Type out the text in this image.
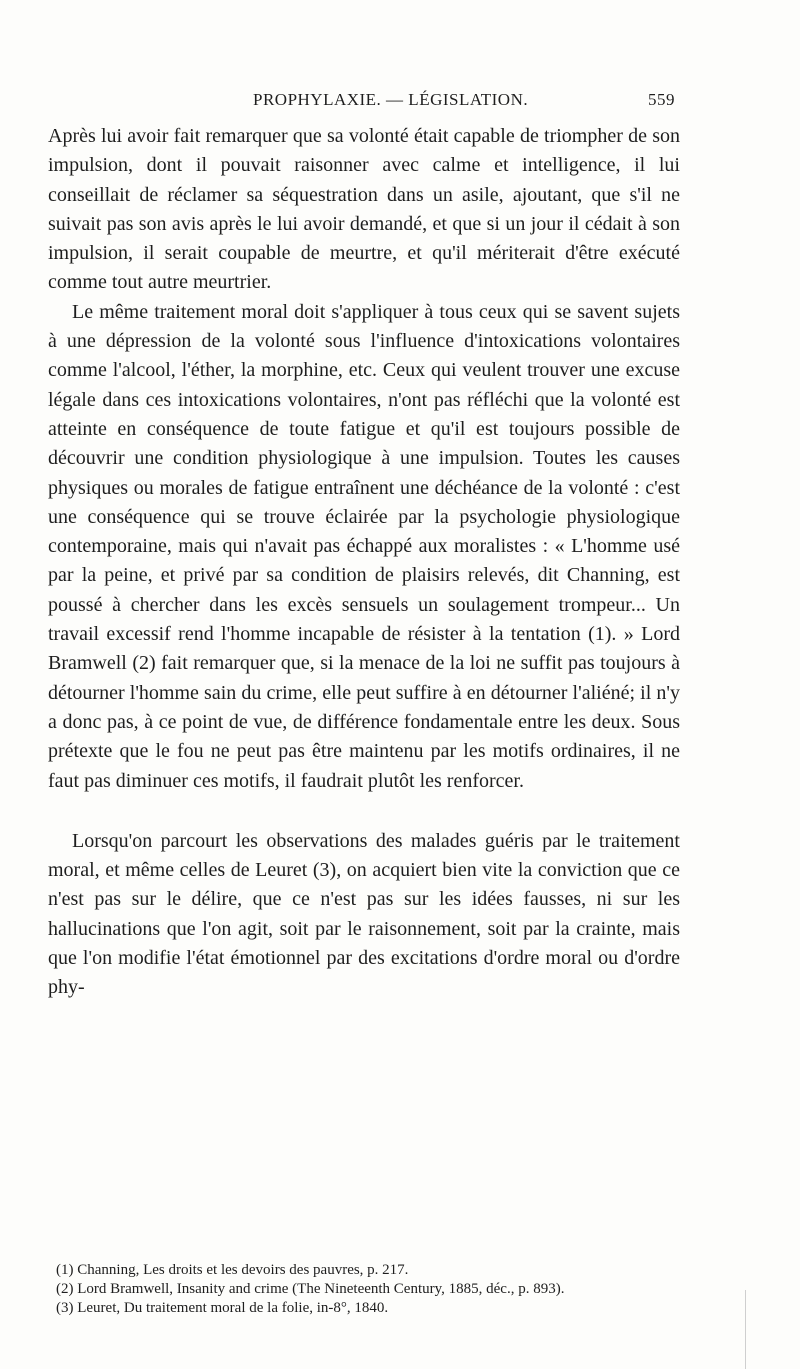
PROPHYLAXIE. — LÉGISLATION.	559

Après lui avoir fait remarquer que sa volonté était capable de triompher de son impulsion, dont il pouvait raisonner avec calme et intelligence, il lui conseillait de réclamer sa séquestration dans un asile, ajoutant, que s'il ne suivait pas son avis après le lui avoir demandé, et que si un jour il cédait à son impulsion, il serait coupable de meurtre, et qu'il mériterait d'être exécuté comme tout autre meurtrier.

Le même traitement moral doit s'appliquer à tous ceux qui se savent sujets à une dépression de la volonté sous l'influence d'intoxications volontaires comme l'alcool, l'éther, la morphine, etc. Ceux qui veulent trouver une excuse légale dans ces intoxications volontaires, n'ont pas réfléchi que la volonté est atteinte en conséquence de toute fatigue et qu'il est toujours possible de découvrir une condition physiologique à une impulsion. Toutes les causes physiques ou morales de fatigue entraînent une déchéance de la volonté : c'est une conséquence qui se trouve éclairée par la psychologie physiologique contemporaine, mais qui n'avait pas échappé aux moralistes : « L'homme usé par la peine, et privé par sa condition de plaisirs relevés, dit Channing, est poussé à chercher dans les excès sensuels un soulagement trompeur... Un travail excessif rend l'homme incapable de résister à la tentation (1). » Lord Bramwell (2) fait remarquer que, si la menace de la loi ne suffit pas toujours à détourner l'homme sain du crime, elle peut suffire à en détourner l'aliéné; il n'y a donc pas, à ce point de vue, de différence fondamentale entre les deux. Sous prétexte que le fou ne peut pas être maintenu par les motifs ordinaires, il ne faut pas diminuer ces motifs, il faudrait plutôt les renforcer.

Lorsqu'on parcourt les observations des malades guéris par le traitement moral, et même celles de Leuret (3), on acquiert bien vite la conviction que ce n'est pas sur le délire, que ce n'est pas sur les idées fausses, ni sur les hallucinations que l'on agit, soit par le raisonnement, soit par la crainte, mais que l'on modifie l'état émotionnel par des excitations d'ordre moral ou d'ordre phy-

(1) Channing, Les droits et les devoirs des pauvres, p. 217.

(2) Lord Bramwell, Insanity and crime (The Nineteenth Century, 1885, déc., p. 893).

(3) Leuret, Du traitement moral de la folie, in-8°, 1840.
